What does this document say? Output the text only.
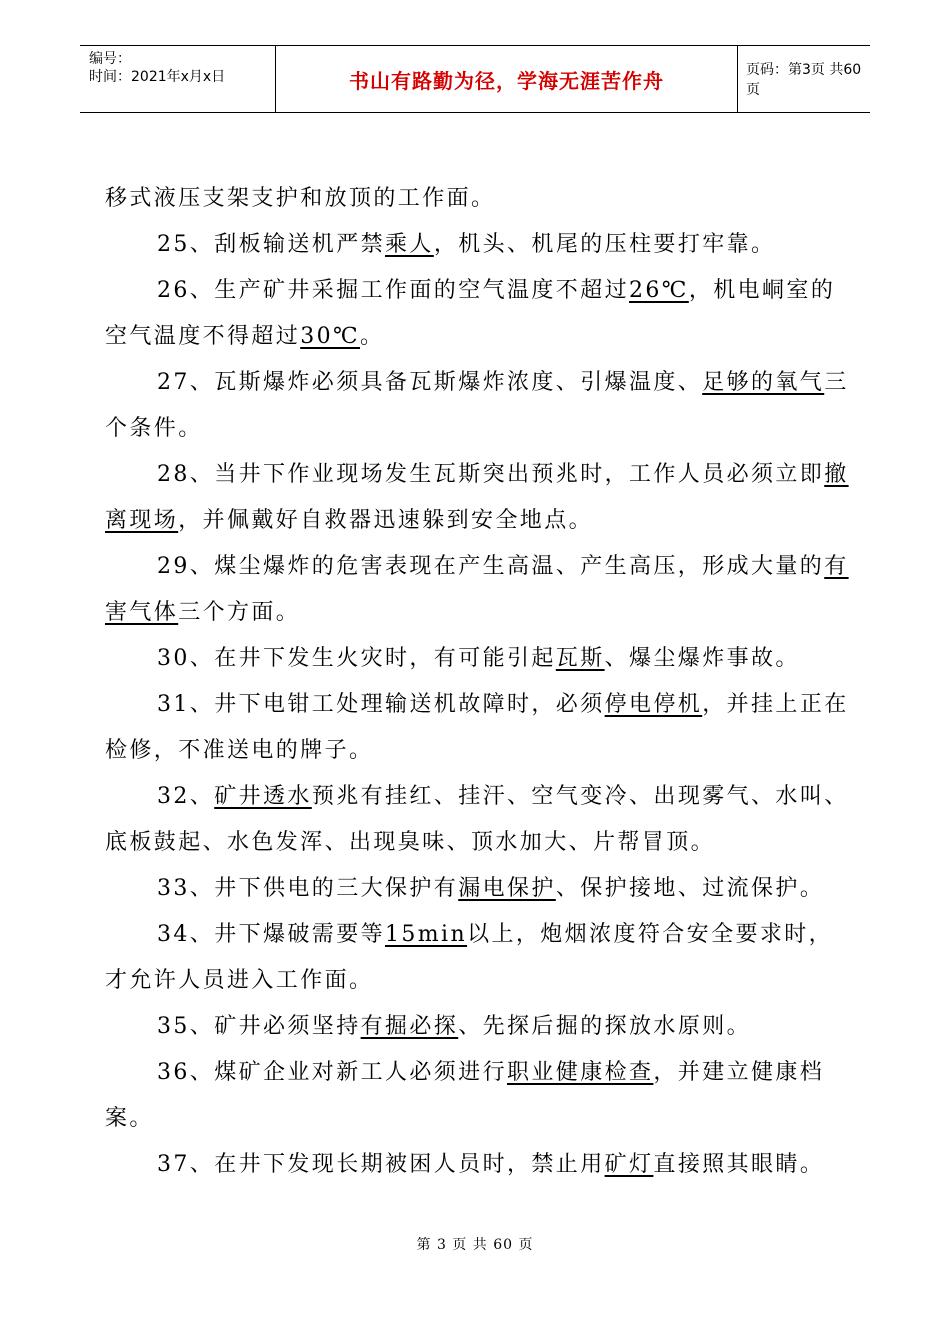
编号：
时间：2021年x月x日	书山有路勤为径，学海无涯苦作舟	页码：第3页 共60页

移式液压支架支护和放顶的工作面。

25、刮板输送机严禁乘人，机头、机尾的压柱要打牢靠。

26、生产矿井采掘工作面的空气温度不超过26℃，机电峒室的空气温度不得超过30℃。

27、瓦斯爆炸必须具备瓦斯爆炸浓度、引爆温度、足够的氧气三个条件。

28、当井下作业现场发生瓦斯突出预兆时，工作人员必须立即撤离现场，并佩戴好自救器迅速躲到安全地点。

29、煤尘爆炸的危害表现在产生高温、产生高压，形成大量的有害气体三个方面。

30、在井下发生火灾时，有可能引起瓦斯、爆尘爆炸事故。

31、井下电钳工处理输送机故障时，必须停电停机，并挂上正在检修，不准送电的牌子。

32、矿井透水预兆有挂红、挂汗、空气变冷、出现雾气、水叫、底板鼓起、水色发浑、出现臭味、顶水加大、片帮冒顶。

33、井下供电的三大保护有漏电保护、保护接地、过流保护。

34、井下爆破需要等15min以上，炮烟浓度符合安全要求时，才允许人员进入工作面。

35、矿井必须坚持有掘必探、先探后掘的探放水原则。

36、煤矿企业对新工人必须进行职业健康检查，并建立健康档案。

37、在井下发现长期被困人员时，禁止用矿灯直接照其眼睛。

第 3 页 共 60 页
